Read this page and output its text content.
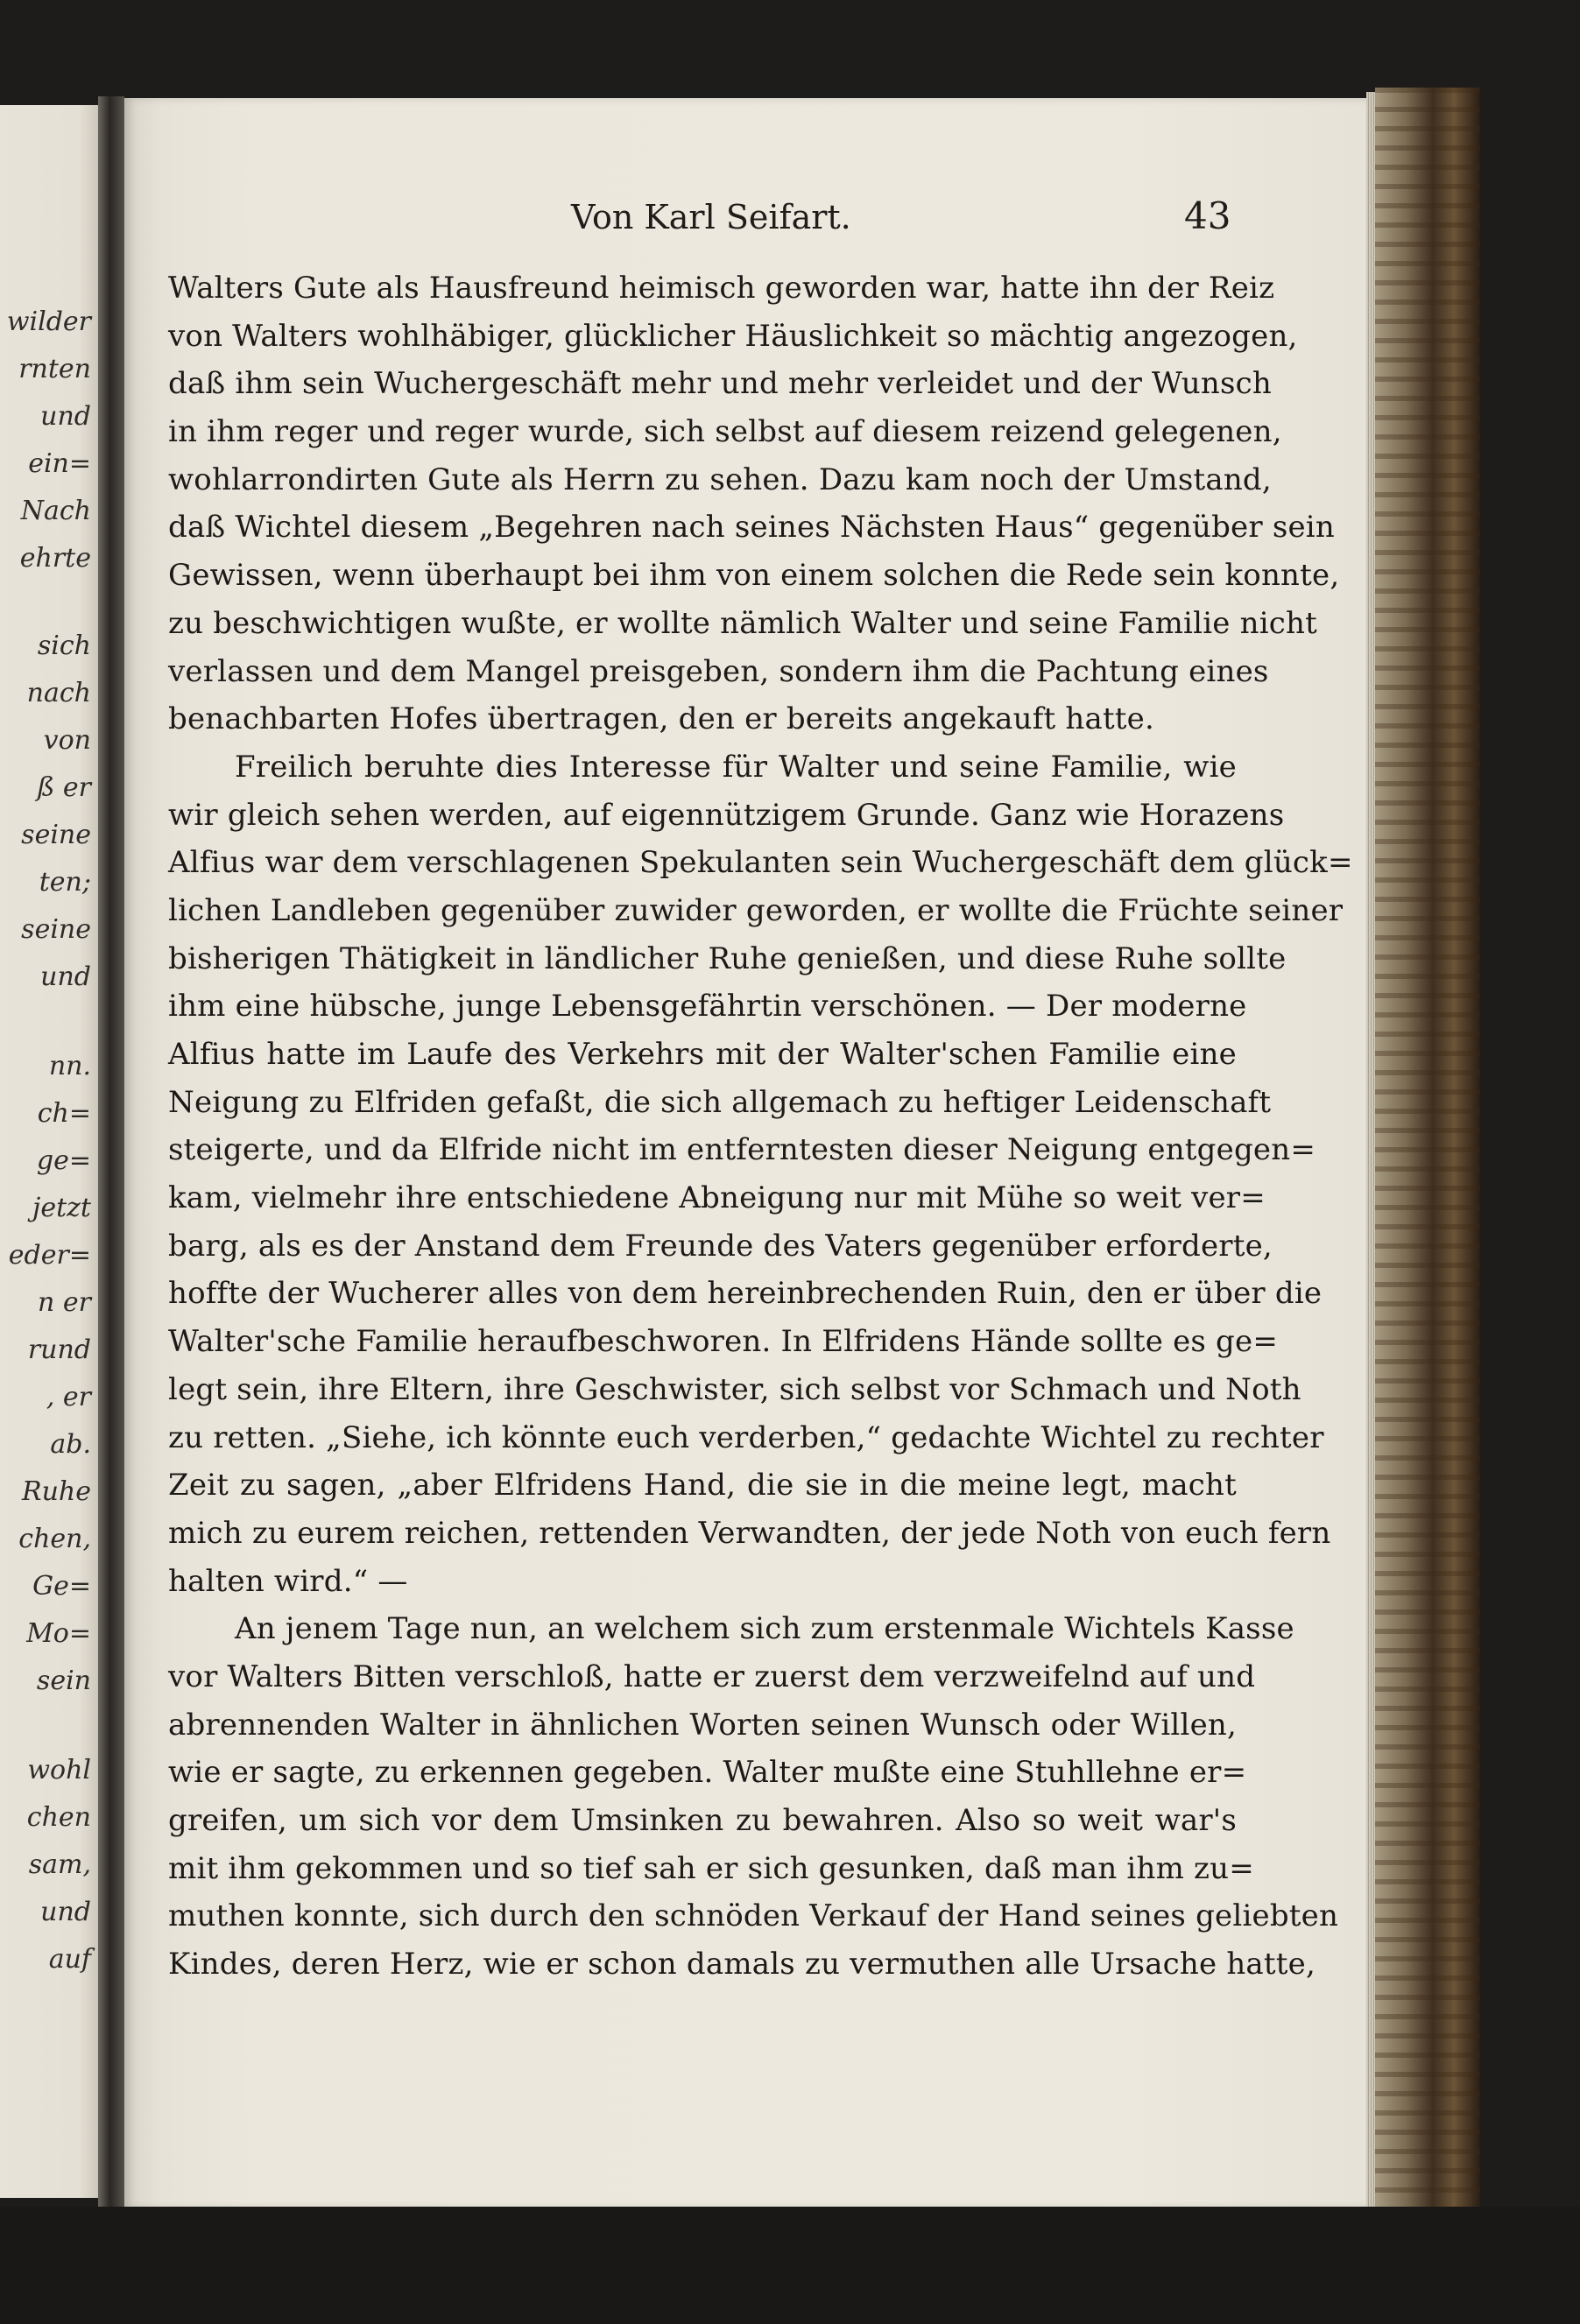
wilder
rnten
und
ein=
Nach
ehrte
sich
nach
von
ß er
seine
ten;
seine
und
nn.
ch=
ge=
jetzt
eder=
n er
rund
, er
ab.
Ruhe
chen,
Ge=
Mo=
sein
wohl
chen
sam,
und
auf
Von Karl Seifart.	43
Walters Gute als Hausfreund heimisch geworden war, hatte ihn der Reiz
von Walters wohlhäbiger, glücklicher Häuslichkeit so mächtig angezogen,
daß ihm sein Wuchergeschäft mehr und mehr verleidet und der Wunsch
in ihm reger und reger wurde, sich selbst auf diesem reizend gelegenen,
wohlarrondirten Gute als Herrn zu sehen. Dazu kam noch der Umstand,
daß Wichtel diesem „Begehren nach seines Nächsten Haus“ gegenüber sein
Gewissen, wenn überhaupt bei ihm von einem solchen die Rede sein konnte,
zu beschwichtigen wußte, er wollte nämlich Walter und seine Familie nicht
verlassen und dem Mangel preisgeben, sondern ihm die Pachtung eines
benachbarten Hofes übertragen, den er bereits angekauft hatte.
Freilich beruhte dies Interesse für Walter und seine Familie, wie
wir gleich sehen werden, auf eigennützigem Grunde. Ganz wie Horazens
Alfius war dem verschlagenen Spekulanten sein Wuchergeschäft dem glück=
lichen Landleben gegenüber zuwider geworden, er wollte die Früchte seiner
bisherigen Thätigkeit in ländlicher Ruhe genießen, und diese Ruhe sollte
ihm eine hübsche, junge Lebensgefährtin verschönen. — Der moderne
Alfius hatte im Laufe des Verkehrs mit der Walter'schen Familie eine
Neigung zu Elfriden gefaßt, die sich allgemach zu heftiger Leidenschaft
steigerte, und da Elfride nicht im entferntesten dieser Neigung entgegen=
kam, vielmehr ihre entschiedene Abneigung nur mit Mühe so weit ver=
barg, als es der Anstand dem Freunde des Vaters gegenüber erforderte,
hoffte der Wucherer alles von dem hereinbrechenden Ruin, den er über die
Walter'sche Familie heraufbeschworen. In Elfridens Hände sollte es ge=
legt sein, ihre Eltern, ihre Geschwister, sich selbst vor Schmach und Noth
zu retten. „Siehe, ich könnte euch verderben,“ gedachte Wichtel zu rechter
Zeit zu sagen, „aber Elfridens Hand, die sie in die meine legt, macht
mich zu eurem reichen, rettenden Verwandten, der jede Noth von euch fern
halten wird.“ —
An jenem Tage nun, an welchem sich zum erstenmale Wichtels Kasse
vor Walters Bitten verschloß, hatte er zuerst dem verzweifelnd auf und
abrennenden Walter in ähnlichen Worten seinen Wunsch oder Willen,
wie er sagte, zu erkennen gegeben. Walter mußte eine Stuhllehne er=
greifen, um sich vor dem Umsinken zu bewahren. Also so weit war's
mit ihm gekommen und so tief sah er sich gesunken, daß man ihm zu=
muthen konnte, sich durch den schnöden Verkauf der Hand seines geliebten
Kindes, deren Herz, wie er schon damals zu vermuthen alle Ursache hatte,
